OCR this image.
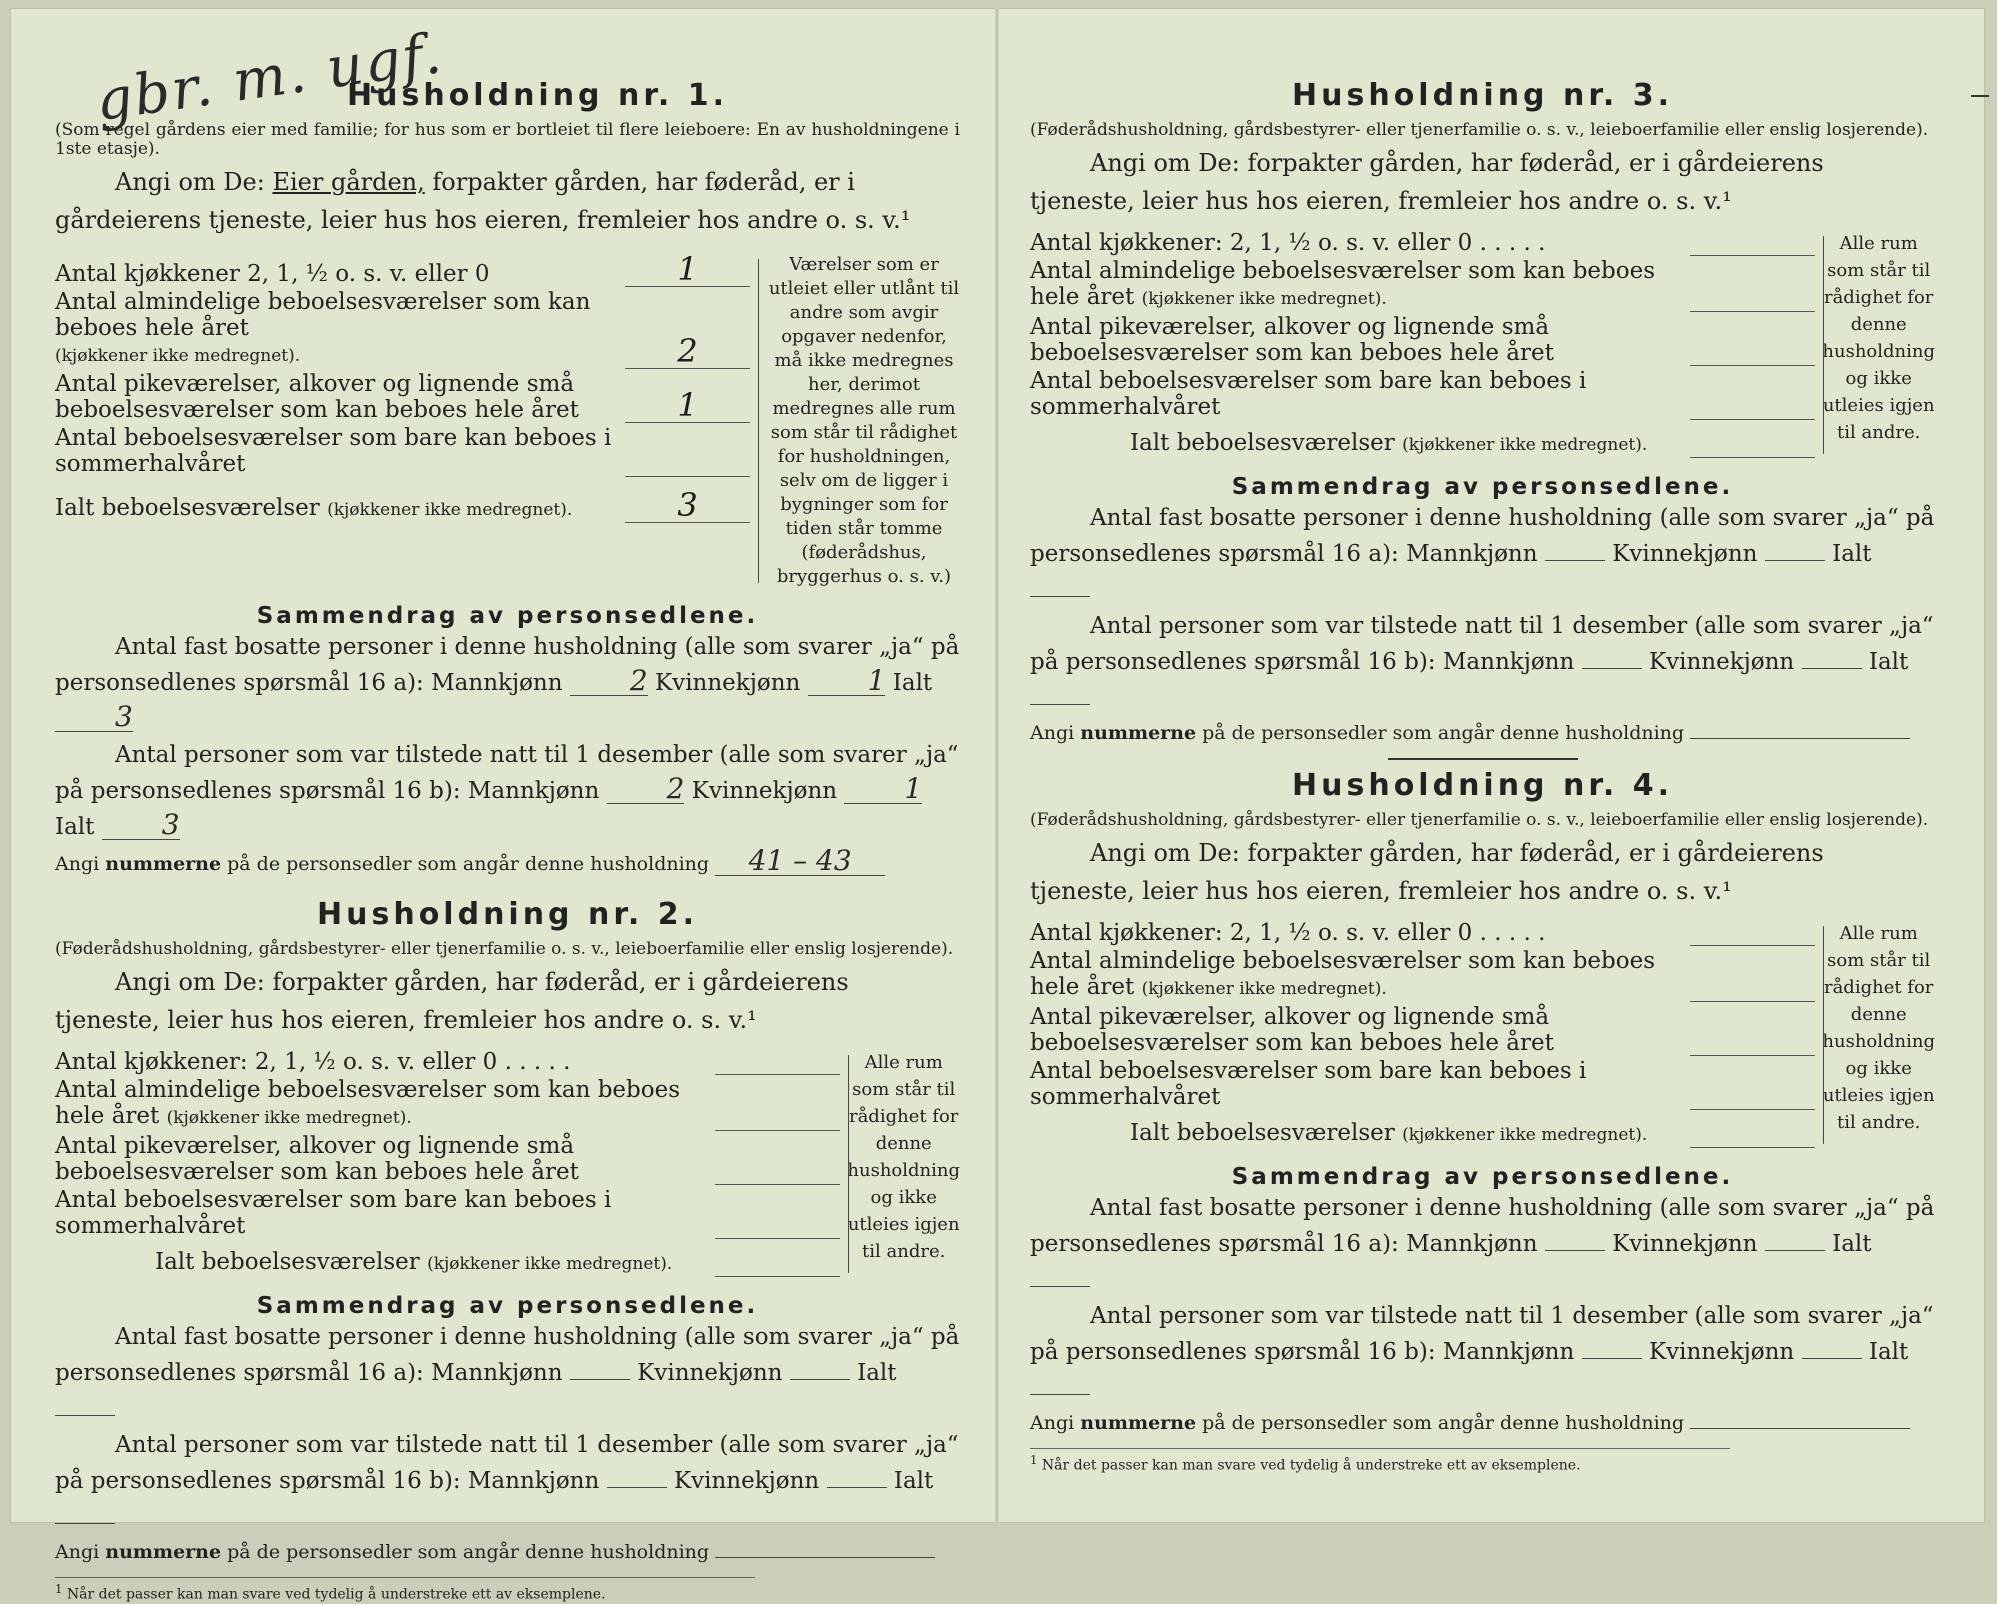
gbr. m. ugf.
Husholdning nr. 1.
(Som regel gårdens eier med familie; for hus som er bortleiet til flere leieboere: En av husholdningene i 1ste etasje).
Angi om De: Eier gården, forpakter gården, har føderåd, er i gårdeierens tjeneste, leier hus hos eieren, fremleier hos andre o. s. v.¹
Antal kjøkkener 2, 1, ½ o. s. v. eller 0	1
Antal almindelige beboelsesværelser som kan beboes hele året
(kjøkkener ikke medregnet).	2
Antal pikeværelser, alkover og lignende små beboelsesværelser som kan beboes hele året	1
Antal beboelsesværelser som bare kan beboes i sommerhalvåret
Ialt beboelsesværelser (kjøkkener ikke medregnet).	3
Værelser som er utleiet eller utlånt til andre som avgir opgaver nedenfor, må ikke medregnes her, derimot medregnes alle rum som står til rådighet for husholdningen, selv om de ligger i bygninger som for tiden står tomme (føderådshus, bryggerhus o. s. v.)
Sammendrag av personsedlene.
Antal fast bosatte personer i denne husholdning (alle som svarer „ja“ på personsedlenes spørsmål 16 a): Mannkjønn 2 Kvinnekjønn 1 Ialt 3
Antal personer som var tilstede natt til 1 desember (alle som svarer „ja“ på personsedlenes spørsmål 16 b): Mannkjønn 2 Kvinnekjønn 1 Ialt 3
Angi nummerne på de personsedler som angår denne husholdning 41 – 43
Husholdning nr. 2.
(Føderådshusholdning, gårdsbestyrer- eller tjenerfamilie o. s. v., leieboerfamilie eller enslig losjerende).
Angi om De: forpakter gården, har føderåd, er i gårdeierens tjeneste, leier hus hos eieren, fremleier hos andre o. s. v.¹
Antal kjøkkener: 2, 1, ½ o. s. v. eller 0 . . . . .
Antal almindelige beboelsesværelser som kan beboes hele året (kjøkkener ikke medregnet).
Antal pikeværelser, alkover og lignende små beboelsesværelser som kan beboes hele året
Antal beboelsesværelser som bare kan beboes i sommerhalvåret
Ialt beboelsesværelser (kjøkkener ikke medregnet).
Alle rum som står til rådighet for denne husholdning og ikke utleies igjen til andre.
Sammendrag av personsedlene.
Antal fast bosatte personer i denne husholdning (alle som svarer „ja“ på personsedlenes spørsmål 16 a): Mannkjønn	Kvinnekjønn	Ialt
Antal personer som var tilstede natt til 1 desember (alle som svarer „ja“ på personsedlenes spørsmål 16 b): Mannkjønn	Kvinnekjønn	Ialt
Angi nummerne på de personsedler som angår denne husholdning
$^1$ Når det passer kan man svare ved tydelig å understreke ett av eksemplene.
Husholdning nr. 3.
(Føderådshusholdning, gårdsbestyrer- eller tjenerfamilie o. s. v., leieboerfamilie eller enslig losjerende).
Angi om De: forpakter gården, har føderåd, er i gårdeierens tjeneste, leier hus hos eieren, fremleier hos andre o. s. v.¹
Antal kjøkkener: 2, 1, ½ o. s. v. eller 0 . . . . .
Antal almindelige beboelsesværelser som kan beboes hele året (kjøkkener ikke medregnet).
Antal pikeværelser, alkover og lignende små beboelsesværelser som kan beboes hele året
Antal beboelsesværelser som bare kan beboes i sommerhalvåret
Ialt beboelsesværelser (kjøkkener ikke medregnet).
Alle rum som står til rådighet for denne husholdning og ikke utleies igjen til andre.
Sammendrag av personsedlene.
Antal fast bosatte personer i denne husholdning (alle som svarer „ja“ på personsedlenes spørsmål 16 a): Mannkjønn	Kvinnekjønn	Ialt
Antal personer som var tilstede natt til 1 desember (alle som svarer „ja“ på personsedlenes spørsmål 16 b): Mannkjønn	Kvinnekjønn	Ialt
Angi nummerne på de personsedler som angår denne husholdning
Husholdning nr. 4.
(Føderådshusholdning, gårdsbestyrer- eller tjenerfamilie o. s. v., leieboerfamilie eller enslig losjerende).
Angi om De: forpakter gården, har føderåd, er i gårdeierens tjeneste, leier hus hos eieren, fremleier hos andre o. s. v.¹
Antal kjøkkener: 2, 1, ½ o. s. v. eller 0 . . . . .
Antal almindelige beboelsesværelser som kan beboes hele året (kjøkkener ikke medregnet).
Antal pikeværelser, alkover og lignende små beboelsesværelser som kan beboes hele året
Antal beboelsesværelser som bare kan beboes i sommerhalvåret
Ialt beboelsesværelser (kjøkkener ikke medregnet).
Alle rum som står til rådighet for denne husholdning og ikke utleies igjen til andre.
Sammendrag av personsedlene.
Antal fast bosatte personer i denne husholdning (alle som svarer „ja“ på personsedlenes spørsmål 16 a): Mannkjønn	Kvinnekjønn	Ialt
Antal personer som var tilstede natt til 1 desember (alle som svarer „ja“ på personsedlenes spørsmål 16 b): Mannkjønn	Kvinnekjønn	Ialt
Angi nummerne på de personsedler som angår denne husholdning
$^1$ Når det passer kan man svare ved tydelig å understreke ett av eksemplene.
